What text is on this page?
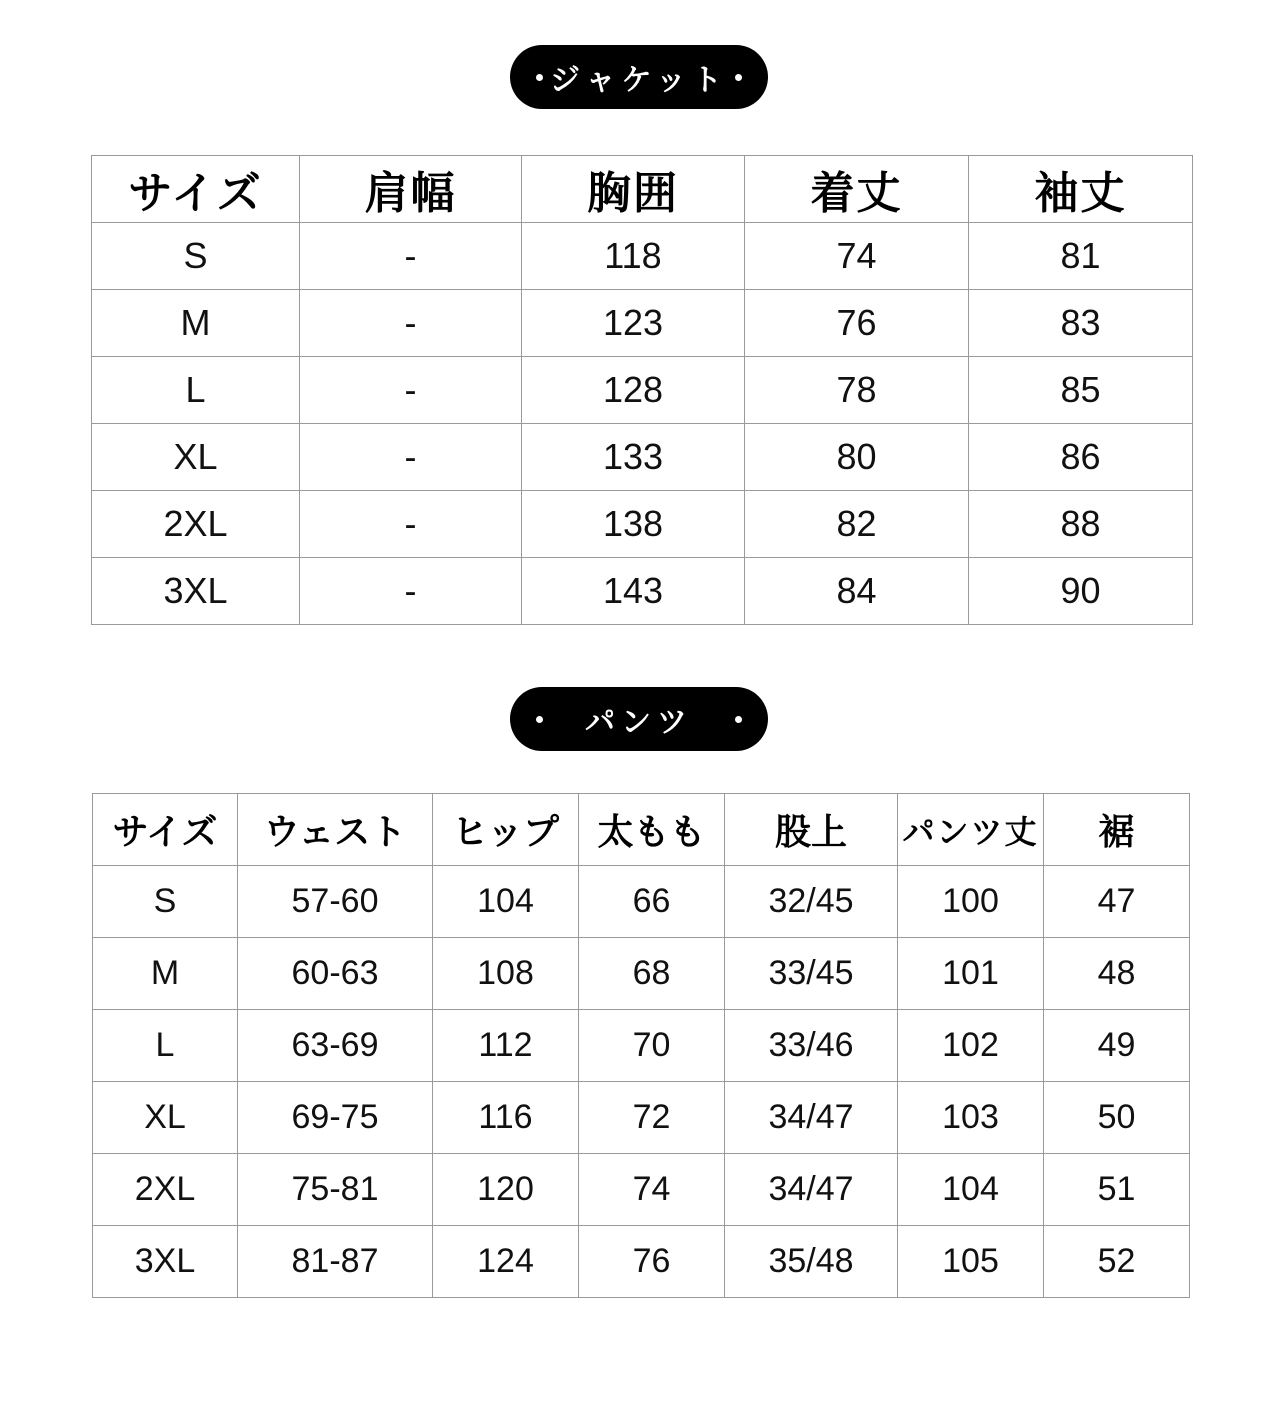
ジャケット
サイズ	肩幅	胸囲	着丈	袖丈
S	-	118	74	81
M	-	123	76	83
L	-	128	78	85
XL	-	133	80	86
2XL	-	138	82	88
3XL	-	143	84	90
パンツ
サイズ	ウェスト	ヒップ	太もも	股上	パンツ丈	裾
S	57-60	104	66	32/45	100	47
M	60-63	108	68	33/45	101	48
L	63-69	112	70	33/46	102	49
XL	69-75	116	72	34/47	103	50
2XL	75-81	120	74	34/47	104	51
3XL	81-87	124	76	35/48	105	52
